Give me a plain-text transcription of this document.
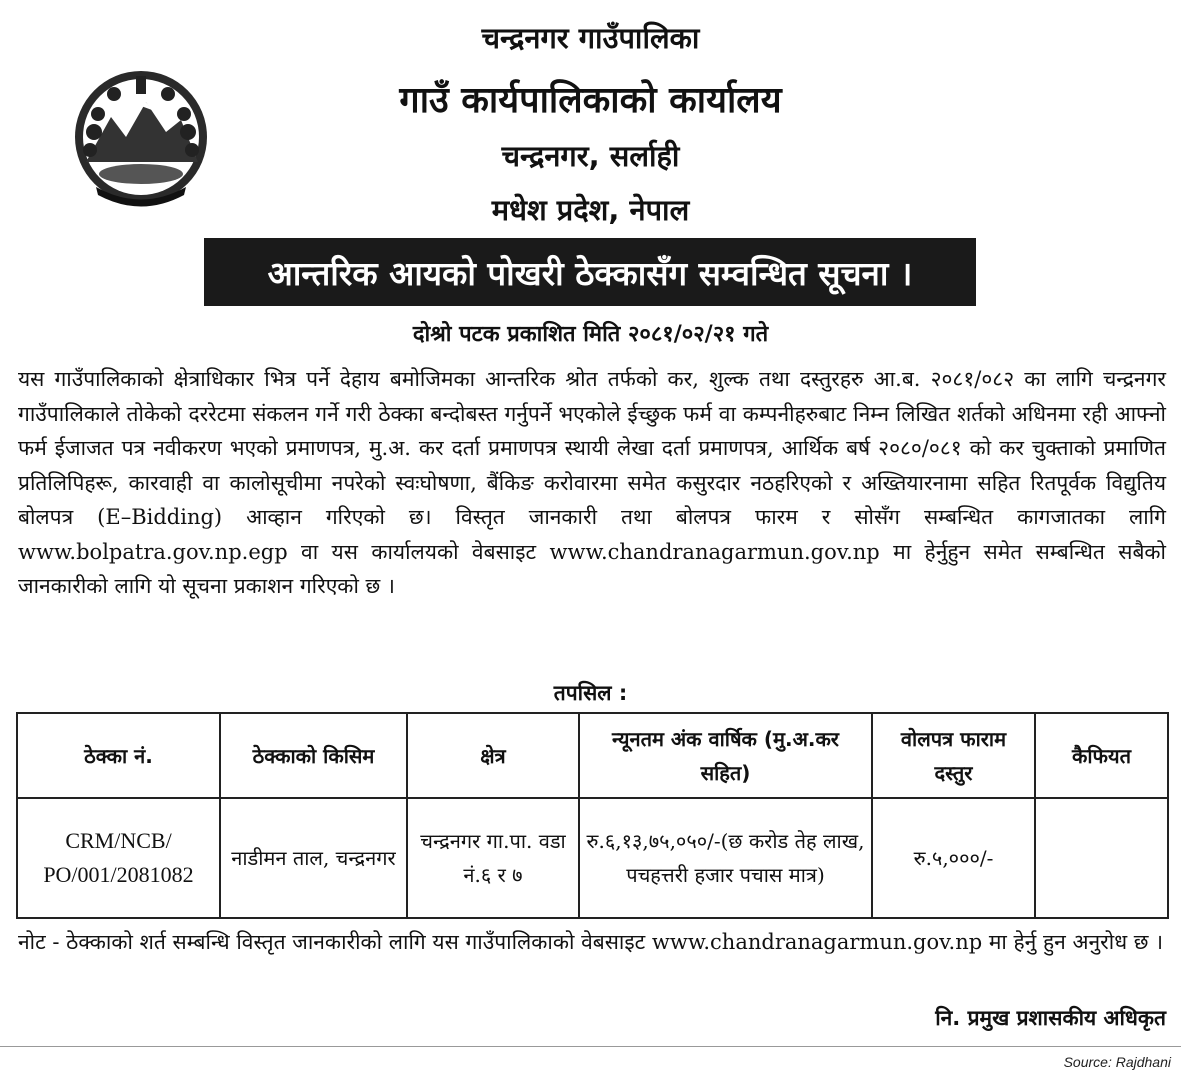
चन्द्रनगर गाउँपालिका
गाउँ कार्यपालिकाको कार्यालय
चन्द्रनगर, सर्लाही
मधेश प्रदेश, नेपाल
आन्तरिक आयको पोखरी ठेक्कासँग सम्वन्धित सूचना ।
दोश्रो पटक प्रकाशित मिति २०८१/०२/२१ गते

यस गाउँपालिकाको क्षेत्राधिकार भित्र पर्ने देहाय बमोजिमका आन्तरिक श्रोत तर्फको कर, शुल्क तथा दस्तुरहरु आ.ब. २०८१/०८२ का लागि चन्द्रनगर गाउँपालिकाले तोकेको दररेटमा संकलन गर्ने गरी ठेक्का बन्दोबस्त गर्नुपर्ने भएकोले ईच्छुक फर्म वा कम्पनीहरुबाट निम्न लिखित शर्तको अधिनमा रही आफ्नो फर्म ईजाजत पत्र नवीकरण भएको प्रमाणपत्र, मु.अ. कर दर्ता प्रमाणपत्र स्थायी लेखा दर्ता प्रमाणपत्र, आर्थिक बर्ष २०८०/०८१ को कर चुक्ताको प्रमाणित प्रतिलिपिहरू, कारवाही वा कालोसूचीमा नपरेको स्वःघोषणा, बैंकिङ करोवारमा समेत कसुरदार नठहरिएको र अख्तियारनामा सहित रितपूर्वक विद्युतिय बोलपत्र (E–Bidding) आव्हान गरिएको छ। विस्तृत जानकारी तथा बोलपत्र फारम र सोसँग सम्बन्धित कागजातका लागि www.bolpatra.gov.np.egp वा यस कार्यालयको वेबसाइट www.chandranagarmun.gov.np मा हेर्नुहुन समेत सम्बन्धित सबैको जानकारीको लागि यो सूचना प्रकाशन गरिएको छ ।

तपसिल :
ठेक्का नं.	ठेक्काको किसिम	क्षेत्र	न्यूनतम अंक वार्षिक (मु.अ.कर सहित)	वोलपत्र फाराम दस्तुर	कैफियत
CRM/NCB/ PO/001/2081082	नाडीमन ताल, चन्द्रनगर	चन्द्रनगर गा.पा. वडा नं.६ र ७	रु.६,१३,७५,०५०/-(छ करोड तेह लाख, पचहत्तरी हजार पचास मात्र)	रु.५,०००/-	

नोट - ठेक्काको शर्त सम्बन्धि विस्तृत जानकारीको लागि यस गाउँपालिकाको वेबसाइट www.chandranagarmun.gov.np मा हेर्नु हुन अनुरोध छ ।

नि. प्रमुख प्रशासकीय अधिकृत
Source: Rajdhani
